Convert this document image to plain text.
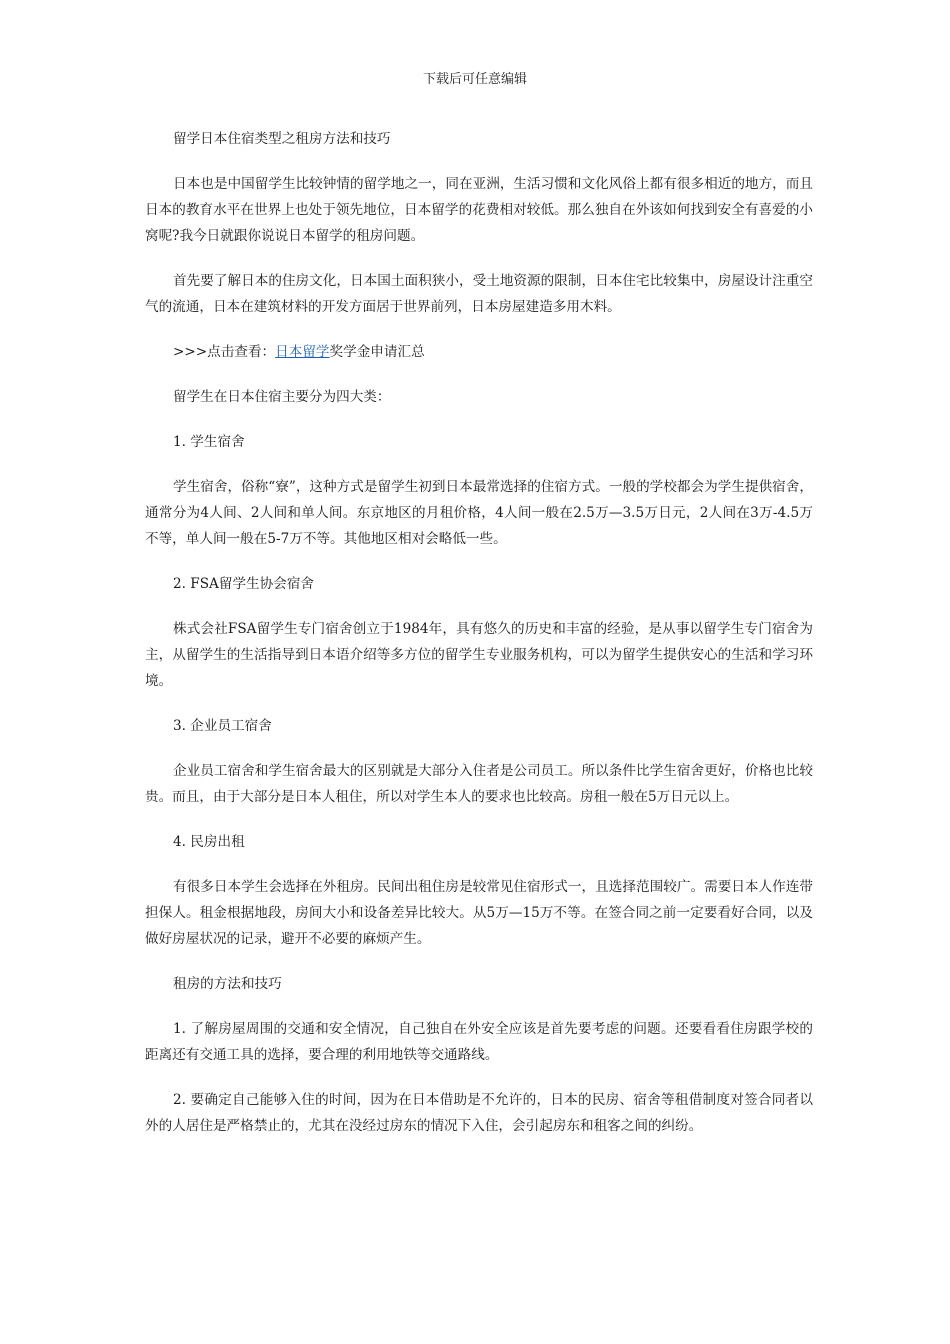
下载后可任意编辑

留学日本住宿类型之租房方法和技巧

日本也是中国留学生比较钟情的留学地之一，同在亚洲，生活习惯和文化风俗上都有很多相近的地方，而且日本的教育水平在世界上也处于领先地位，日本留学的花费相对较低。那么独自在外该如何找到安全有喜爱的小窝呢?我今日就跟你说说日本留学的租房问题。

首先要了解日本的住房文化，日本国土面积狭小，受土地资源的限制，日本住宅比较集中，房屋设计注重空气的流通，日本在建筑材料的开发方面居于世界前列，日本房屋建造多用木料。

>>>点击查看：日本留学奖学金申请汇总

留学生在日本住宿主要分为四大类：

1. 学生宿舍

学生宿舍，俗称“寮”，这种方式是留学生初到日本最常选择的住宿方式。一般的学校都会为学生提供宿舍，通常分为4人间、2人间和单人间。东京地区的月租价格，4人间一般在2.5万—3.5万日元，2人间在3万-4.5万不等，单人间一般在5-7万不等。其他地区相对会略低一些。

2. FSA留学生协会宿舍

株式会社FSA留学生专门宿舍创立于1984年，具有悠久的历史和丰富的经验，是从事以留学生专门宿舍为主，从留学生的生活指导到日本语介绍等多方位的留学生专业服务机构，可以为留学生提供安心的生活和学习环境。

3. 企业员工宿舍

企业员工宿舍和学生宿舍最大的区别就是大部分入住者是公司员工。所以条件比学生宿舍更好，价格也比较贵。而且，由于大部分是日本人租住，所以对学生本人的要求也比较高。房租一般在5万日元以上。

4. 民房出租

有很多日本学生会选择在外租房。民间出租住房是较常见住宿形式一，且选择范围较广。需要日本人作连带担保人。租金根据地段，房间大小和设备差异比较大。从5万—15万不等。在签合同之前一定要看好合同，以及做好房屋状况的记录，避开不必要的麻烦产生。

租房的方法和技巧

1. 了解房屋周围的交通和安全情况，自己独自在外安全应该是首先要考虑的问题。还要看看住房跟学校的距离还有交通工具的选择，要合理的利用地铁等交通路线。

2. 要确定自己能够入住的时间，因为在日本借助是不允许的，日本的民房、宿舍等租借制度对签合同者以外的人居住是严格禁止的，尤其在没经过房东的情况下入住，会引起房东和租客之间的纠纷。
